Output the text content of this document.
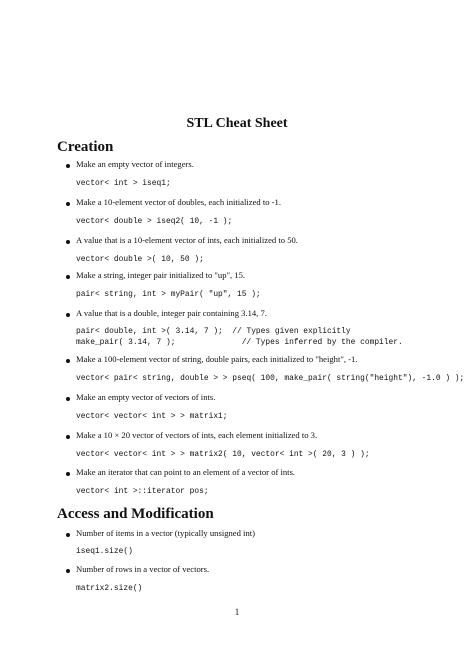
STL Cheat Sheet
Creation
Make an empty vector of integers.
vector< int > iseq1;
Make a 10-element vector of doubles, each initialized to -1.
vector< double > iseq2( 10, -1 );
A value that is a 10-element vector of ints, each initialized to 50.
vector< double >( 10, 50 );
Make a string, integer pair initialized to "up", 15.
pair< string, int > myPair( "up", 15 );
A value that is a double, integer pair containing 3.14, 7.
pair< double, int >( 3.14, 7 );  // Types given explicitly
make_pair( 3.14, 7 );              // Types inferred by the compiler.
Make a 100-element vector of string, double pairs, each initialized to "height", -1.
vector< pair< string, double > > pseq( 100, make_pair( string("height"), -1.0 ) );
Make an empty vector of vectors of ints.
vector< vector< int > > matrix1;
Make a 10 × 20 vector of vectors of ints, each element initialized to 3.
vector< vector< int > > matrix2( 10, vector< int >( 20, 3 ) );
Make an iterator that can point to an element of a vector of ints.
vector< int >::iterator pos;
Access and Modification
Number of items in a vector (typically unsigned int)
iseq1.size()
Number of rows in a vector of vectors.
matrix2.size()
1
